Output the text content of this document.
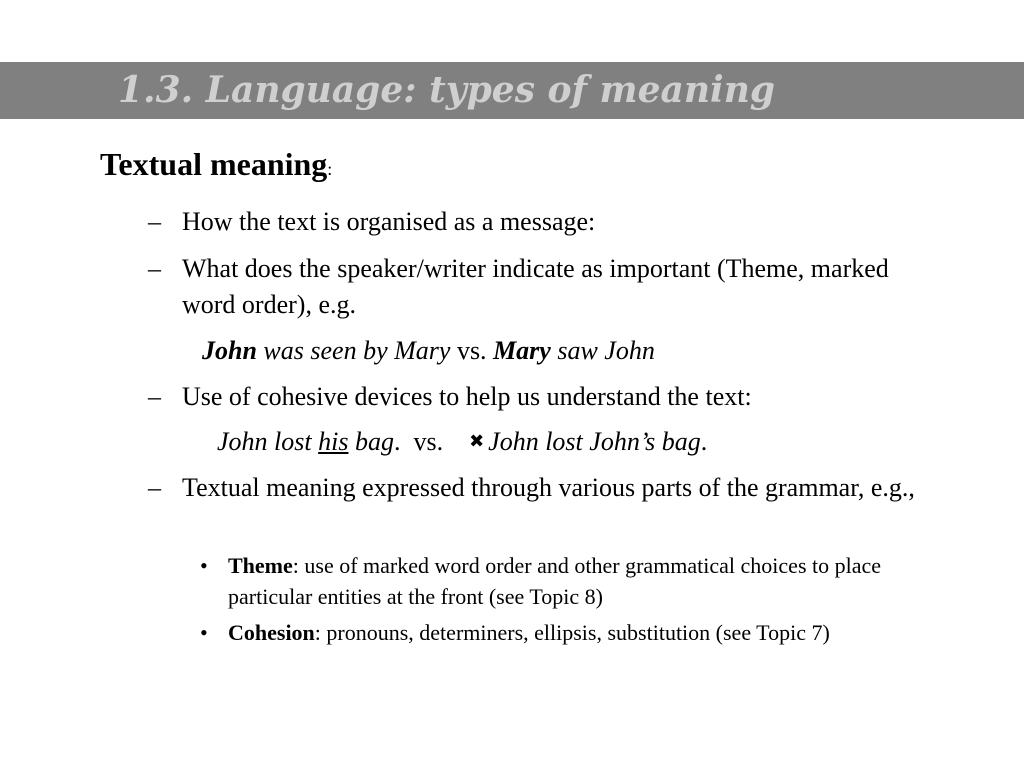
1.3. Language: types of meaning
Textual meaning:
– How the text is organised as a message:
– What does the speaker/writer indicate as important (Theme, marked word order), e.g.
John was seen by Mary vs. Mary saw John
– Use of cohesive devices to help us understand the text:
John lost his bag.  vs.    ✖ John lost John’s bag.
– Textual meaning expressed through various parts of the grammar, e.g.,
• Theme: use of marked word order and other grammatical choices to place particular entities at the front (see Topic 8)
• Cohesion: pronouns, determiners, ellipsis, substitution (see Topic 7)
